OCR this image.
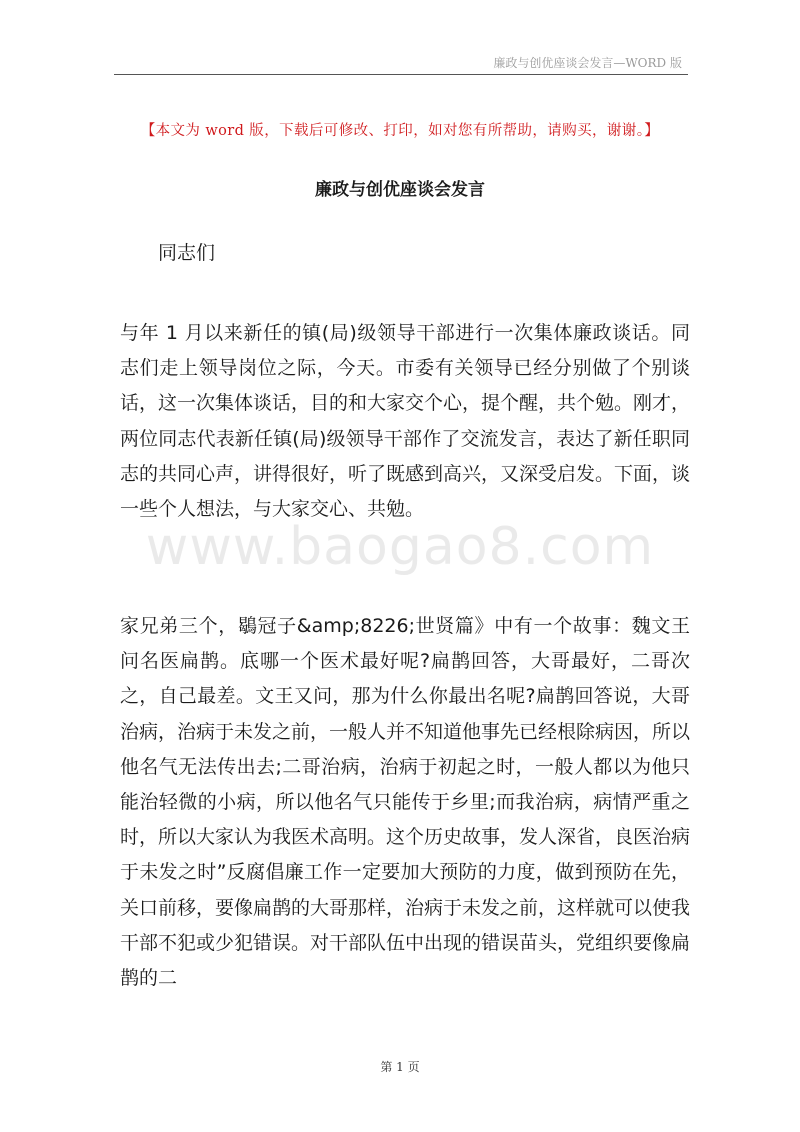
廉政与创优座谈会发言—WORD 版
【本文为 word 版，下载后可修改、打印，如对您有所帮助，请购买，谢谢。】
廉政与创优座谈会发言
同志们

与年 1 月以来新任的镇(局)级领导干部进行一次集体廉政谈话。同志们走上领导岗位之际，今天。市委有关领导已经分别做了个别谈话，这一次集体谈话，目的和大家交个心，提个醒，共个勉。刚才，两位同志代表新任镇(局)级领导干部作了交流发言，表达了新任职同志的共同心声，讲得很好，听了既感到高兴，又深受启发。下面，谈一些个人想法，与大家交心、共勉。

www.baogao8.com

家兄弟三个，鶡冠子&amp;8226;世贤篇》中有一个故事：魏文王问名医扁鹊。底哪一个医术最好呢?扁鹊回答，大哥最好，二哥次之，自己最差。文王又问，那为什么你最出名呢?扁鹊回答说，大哥治病，治病于未发之前，一般人并不知道他事先已经根除病因，所以他名气无法传出去;二哥治病，治病于初起之时，一般人都以为他只能治轻微的小病，所以他名气只能传于乡里;而我治病，病情严重之时，所以大家认为我医术高明。这个历史故事，发人深省，良医治病于未发之时”反腐倡廉工作一定要加大预防的力度，做到预防在先，关口前移，要像扁鹊的大哥那样，治病于未发之前，这样就可以使我干部不犯或少犯错误。对干部队伍中出现的错误苗头，党组织要像扁鹊的二

第 1 页
